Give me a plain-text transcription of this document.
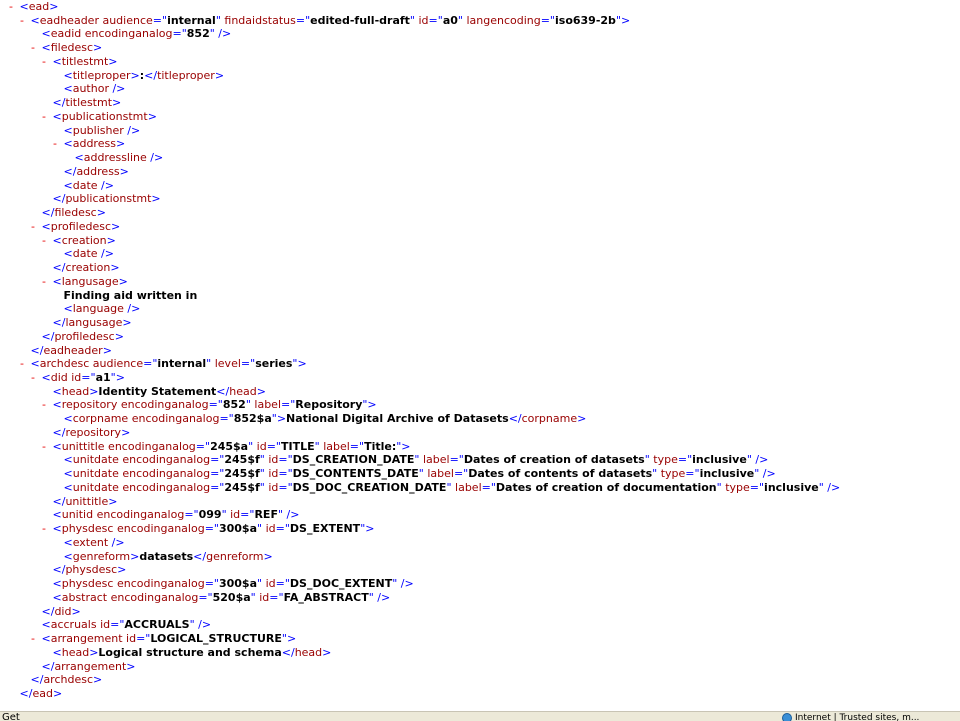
- <ead>
- <eadheader audience="internal" findaidstatus="edited-full-draft" id="a0" langencoding="iso639-2b">
<eadid encodinganalog="852" />
- <filedesc>
- <titlestmt>
<titleproper>:</titleproper>
<author />
</titlestmt>
- <publicationstmt>
<publisher />
- <address>
<addressline />
</address>
<date />
</publicationstmt>
</filedesc>
- <profiledesc>
- <creation>
<date />
</creation>
- <langusage>
Finding aid written in
<language />
</langusage>
</profiledesc>
</eadheader>
- <archdesc audience="internal" level="series">
- <did id="a1">
<head>Identity Statement</head>
- <repository encodinganalog="852" label="Repository">
<corpname encodinganalog="852$a">National Digital Archive of Datasets</corpname>
</repository>
- <unittitle encodinganalog="245$a" id="TITLE" label="Title:">
<unitdate encodinganalog="245$f" id="DS_CREATION_DATE" label="Dates of creation of datasets" type="inclusive" />
<unitdate encodinganalog="245$f" id="DS_CONTENTS_DATE" label="Dates of contents of datasets" type="inclusive" />
<unitdate encodinganalog="245$f" id="DS_DOC_CREATION_DATE" label="Dates of creation of documentation" type="inclusive" />
</unittitle>
<unitid encodinganalog="099" id="REF" />
- <physdesc encodinganalog="300$a" id="DS_EXTENT">
<extent />
<genreform>datasets</genreform>
</physdesc>
<physdesc encodinganalog="300$a" id="DS_DOC_EXTENT" />
<abstract encodinganalog="520$a" id="FA_ABSTRACT" />
</did>
<accruals id="ACCRUALS" />
- <arrangement id="LOGICAL_STRUCTURE">
<head>Logical structure and schema</head>
</arrangement>
</archdesc>
</ead>
Get	Internet | Trusted sites, m...
